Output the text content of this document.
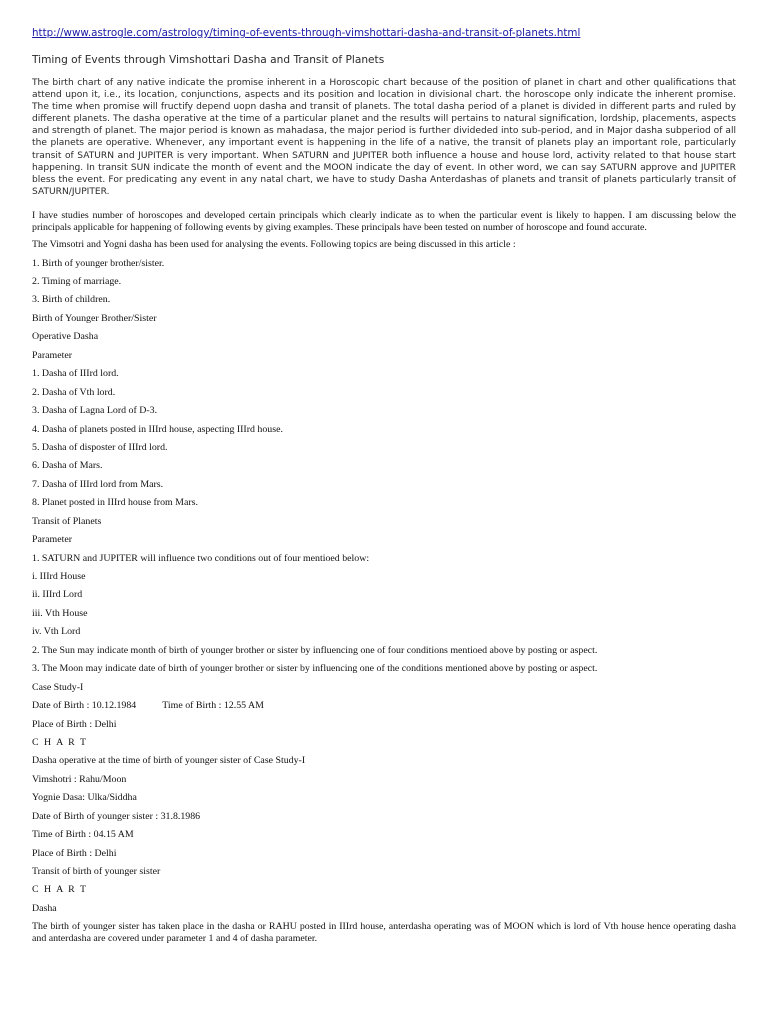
http://www.astrogle.com/astrology/timing-of-events-through-vimshottari-dasha-and-transit-of-planets.html
Timing of Events through Vimshottari Dasha and Transit of Planets
The birth chart of any native indicate the promise inherent in a Horoscopic chart because of the position of planet in chart and other qualifications that attend upon it, i.e., its location, conjunctions, aspects and its position and location in divisional chart. the horoscope only indicate the inherent promise. The time when promise will fructify depend uopn dasha and transit of planets. The total dasha period of a planet is divided in different parts and ruled by different planets. The dasha operative at the time of a particular planet and the results will pertains to natural signification, lordship, placements, aspects and strength of planet. The major period is known as mahadasa, the major period is further divideded into sub-period, and in Major dasha subperiod of all the planets are operative. Whenever, any important event is happening in the life of a native, the transit of planets play an important role, particularly transit of SATURN and JUPITER is very important. When SATURN and JUPITER both influence a house and house lord, activity related to that house start happening. In transit SUN indicate the month of event and the MOON indicate the day of event. In other word, we can say SATURN approve and JUPITER bless the event. For predicating any event in any natal chart, we have to study Dasha Anterdashas of planets and transit of planets particularly transit of SATURN/JUPITER.
I have studies number of horoscopes and developed certain principals which clearly indicate as to when the particular event is likely to happen. I am discussing below the principals applicable for happening of following events by giving examples. These principals have been tested on number of horoscope and found accurate.
The Vimsotri and Yogni dasha has been used for analysing the events. Following topics are being discussed in this article :
1. Birth of younger brother/sister.
2. Timing of marriage.
3. Birth of children.
Birth of Younger Brother/Sister
Operative Dasha
Parameter
1. Dasha of IIIrd lord.
2. Dasha of Vth lord.
3. Dasha of Lagna Lord of D-3.
4. Dasha of planets posted in IIIrd house, aspecting IIIrd house.
5. Dasha of disposter of IIIrd lord.
6. Dasha of Mars.
7. Dasha of IIIrd lord from Mars.
8. Planet posted in IIIrd house from Mars.
Transit of Planets
Parameter
1. SATURN and JUPITER will influence two conditions out of four mentioed below:
i. IIIrd House
ii. IIIrd Lord
iii. Vth House
iv. Vth Lord
2. The Sun may indicate month of birth of younger brother or sister by influencing one of four conditions mentioed above by posting or aspect.
3. The Moon may indicate date of birth of younger brother or sister by influencing one of the conditions mentioned above by posting or aspect.
Case Study-I
Date of Birth : 10.12.1984	Time of Birth : 12.55 AM
Place of Birth : Delhi
C H A R T
Dasha operative at the time of birth of younger sister of Case Study-I
Vimshotri : Rahu/Moon
Yognie Dasa: Ulka/Siddha
Date of Birth of younger sister : 31.8.1986
Time of Birth : 04.15 AM
Place of Birth : Delhi
Transit of birth of younger sister
C H A R T
Dasha
The birth of younger sister has taken place in the dasha or RAHU posted in IIIrd house, anterdasha operating was of MOON which is lord of Vth house hence operating dasha and anterdasha are covered under parameter 1 and 4 of dasha parameter.
